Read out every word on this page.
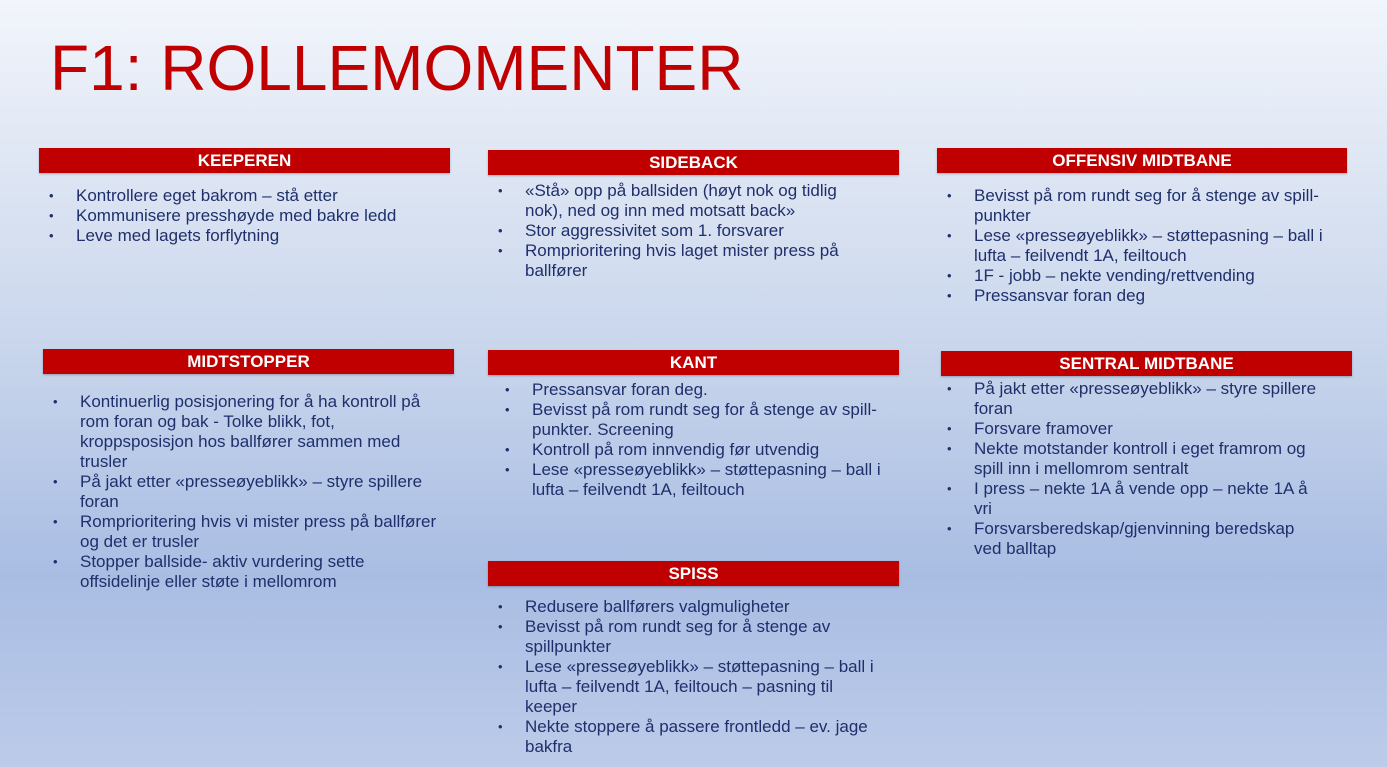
F1: ROLLEMOMENTER
KEEPEREN
• Kontrollere eget bakrom – stå etter
• Kommunisere presshøyde med bakre ledd
• Leve med lagets forflytning
SIDEBACK
• «Stå» opp på ballsiden (høyt nok og tidlig nok), ned og inn med motsatt back»
• Stor aggressivitet som 1. forsvarer
• Romprioritering hvis laget mister press på ballfører
OFFENSIV MIDTBANE
• Bevisst på rom rundt seg for å stenge av spill-punkter
• Lese «presseøyeblikk» – støttepasning – ball i lufta – feilvendt 1A, feiltouch
• 1F - jobb – nekte vending/rettvending
• Pressansvar foran deg
MIDTSTOPPER
• Kontinuerlig posisjonering for å ha kontroll på rom foran og bak - Tolke blikk, fot, kroppsposisjon hos ballfører sammen med trusler
• På jakt etter «presseøyeblikk» – styre spillere foran
• Romprioritering hvis vi mister press på ballfører og det er trusler
• Stopper ballside- aktiv vurdering sette offsidelinje eller støte i mellomrom
KANT
• Pressansvar foran deg.
• Bevisst på rom rundt seg for å stenge av spill-punkter. Screening
• Kontroll på rom innvendig før utvendig
• Lese «presseøyeblikk» – støttepasning – ball i lufta – feilvendt 1A, feiltouch
SENTRAL MIDTBANE
• På jakt etter «presseøyeblikk» – styre spillere foran
• Forsvare framover
• Nekte motstander kontroll i eget framrom og spill inn i mellomrom sentralt
• I press – nekte 1A å vende opp – nekte 1A å vri
• Forsvarsberedskap/gjenvinning beredskap ved balltap
SPISS
• Redusere ballførers valgmuligheter
• Bevisst på rom rundt seg for å stenge av spillpunkter
• Lese «presseøyeblikk» – støttepasning – ball i lufta – feilvendt 1A, feiltouch – pasning til keeper
• Nekte stoppere å passere frontledd – ev. jage bakfra
